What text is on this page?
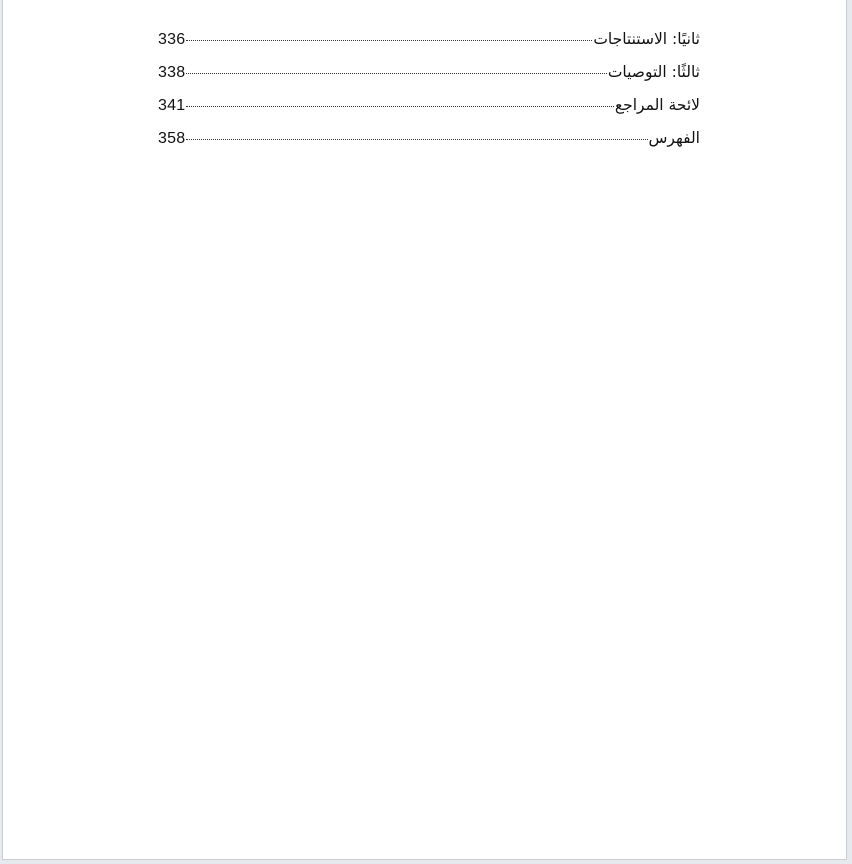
ثانيًا: الاستنتاجات
336
ثالثًا: التوصيات
338
لائحة المراجع
341
الفهرس
358
